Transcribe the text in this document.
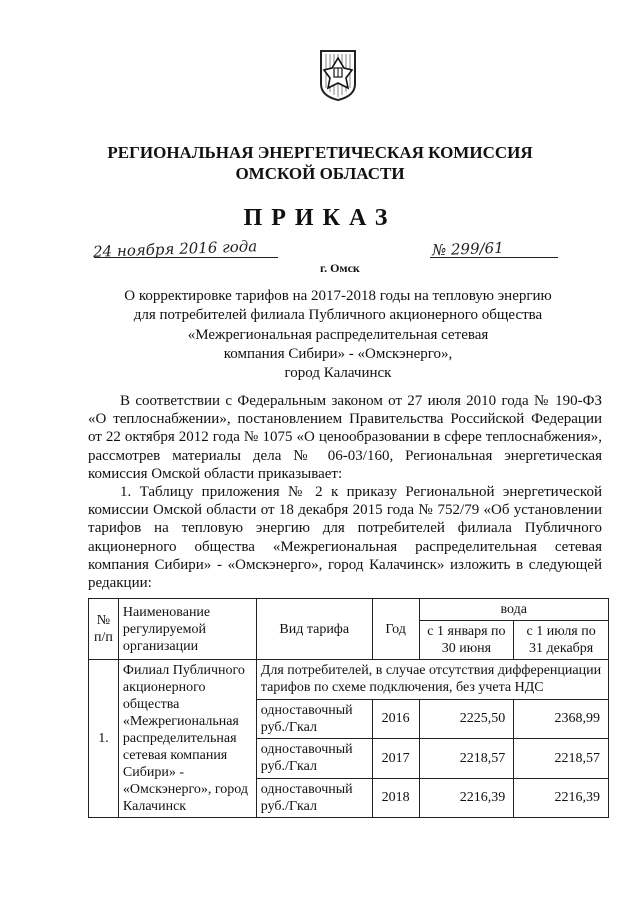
РЕГИОНАЛЬНАЯ ЭНЕРГЕТИЧЕСКАЯ КОМИССИЯ
ОМСКОЙ ОБЛАСТИ
ПРИКАЗ
24 ноября 2016 года	№ 299/61
г. Омск
О корректировке тарифов на 2017-2018 годы на тепловую энергию
для потребителей филиала Публичного акционерного общества
«Межрегиональная распределительная сетевая
компания Сибири» - «Омскэнерго»,
город Калачинск

В соответствии с Федеральным законом от 27 июля 2010 года № 190-ФЗ «О теплоснабжении», постановлением Правительства Российской Федерации от 22 октября 2012 года № 1075 «О ценообразовании в сфере теплоснабжения», рассмотрев материалы дела № 06-03/160, Региональная энергетическая комиссия Омской области приказывает:

1. Таблицу приложения № 2 к приказу Региональной энергетической комиссии Омской области от 18 декабря 2015 года № 752/79 «Об установлении тарифов на тепловую энергию для потребителей филиала Публичного акционерного общества «Межрегиональная распределительная сетевая компания Сибири» - «Омскэнерго», город Калачинск» изложить в следующей редакции:

№ п/п	Наименование регулируемой организации	Вид тарифа	Год	вода	
				с 1 января по 30 июня	с 1 июля по 31 декабря
1.	Филиал Публичного акционерного общества «Межрегиональная распределительная сетевая компания Сибири» - «Омскэнерго», город Калачинск	Для потребителей, в случае отсутствия дифференциации тарифов по схеме подключения, без учета НДС			
		одноставочный руб./Гкал	2016	2225,50	2368,99
		одноставочный руб./Гкал	2017	2218,57	2218,57
		одноставочный руб./Гкал	2018	2216,39	2216,39
